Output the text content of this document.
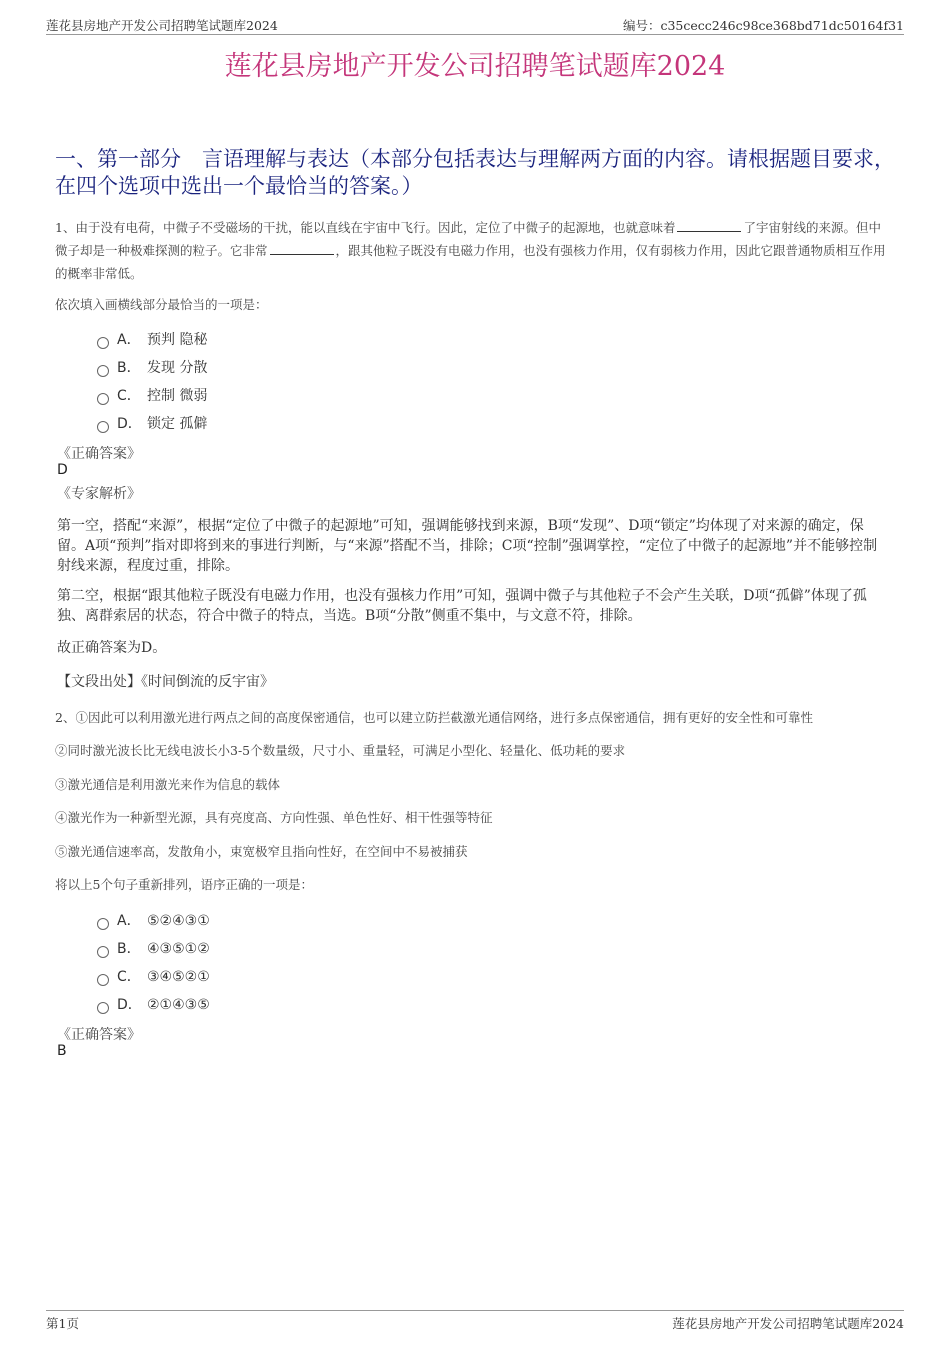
莲花县房地产开发公司招聘笔试题库2024	编号：c35cecc246c98ce368bd71dc50164f31
莲花县房地产开发公司招聘笔试题库2024
一、第一部分　言语理解与表达（本部分包括表达与理解两方面的内容。请根据题目要求，在四个选项中选出一个最恰当的答案。）
1、由于没有电荷，中微子不受磁场的干扰，能以直线在宇宙中飞行。因此，定位了中微子的起源地，也就意味着	了宇宙射线的来源。但中微子却是一种极难探测的粒子。它非常	，跟其他粒子既没有电磁力作用，也没有强核力作用，仅有弱核力作用，因此它跟普通物质相互作用的概率非常低。
依次填入画横线部分最恰当的一项是：
A． 预判 隐秘
B． 发现 分散
C． 控制 微弱
D． 锁定 孤僻
《正确答案》
D
《专家解析》
第一空，搭配“来源”，根据“定位了中微子的起源地”可知，强调能够找到来源，B项“发现”、D项“锁定”均体现了对来源的确定，保留。A项“预判”指对即将到来的事进行判断，与“来源”搭配不当，排除；C项“控制”强调掌控，“定位了中微子的起源地”并不能够控制射线来源，程度过重，排除。
第二空，根据“跟其他粒子既没有电磁力作用，也没有强核力作用”可知，强调中微子与其他粒子不会产生关联，D项“孤僻”体现了孤独、离群索居的状态，符合中微子的特点，当选。B项“分散”侧重不集中，与文意不符，排除。
故正确答案为D。
【文段出处】《时间倒流的反宇宙》
2、①因此可以利用激光进行两点之间的高度保密通信，也可以建立防拦截激光通信网络，进行多点保密通信，拥有更好的安全性和可靠性
②同时激光波长比无线电波长小3-5个数量级，尺寸小、重量轻，可满足小型化、轻量化、低功耗的要求
③激光通信是利用激光来作为信息的载体
④激光作为一种新型光源，具有亮度高、方向性强、单色性好、相干性强等特征
⑤激光通信速率高，发散角小，束宽极窄且指向性好，在空间中不易被捕获
将以上5个句子重新排列，语序正确的一项是：
A． ⑤②④③①
B． ④③⑤①②
C． ③④⑤②①
D． ②①④③⑤
《正确答案》
B
第1页	莲花县房地产开发公司招聘笔试题库2024
